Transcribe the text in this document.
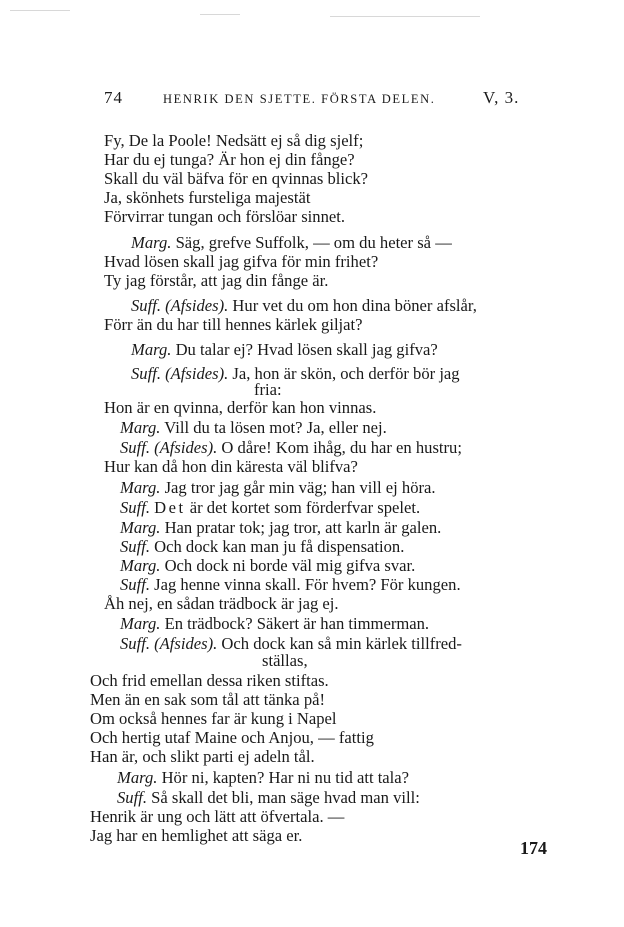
74	HENRIK DEN SJETTE. FÖRSTA DELEN.	V, 3.
Fy, De la Poole! Nedsätt ej så dig sjelf;
Har du ej tunga? Är hon ej din fånge?
Skall du väl bäfva för en qvinnas blick?
Ja, skönhets fursteliga majestät
Förvirrar tungan och förslöar sinnet.
Marg. Säg, grefve Suffolk, — om du heter så —
Hvad lösen skall jag gifva för min frihet?
Ty jag förstår, att jag din fånge är.
Suff. (Afsides). Hur vet du om hon dina böner afslår,
Förr än du har till hennes kärlek giljat?
Marg. Du talar ej? Hvad lösen skall jag gifva?
Suff. (Afsides). Ja, hon är skön, och derför bör jag
fria:
Hon är en qvinna, derför kan hon vinnas.
Marg. Vill du ta lösen mot? Ja, eller nej.
Suff. (Afsides). O dåre! Kom ihåg, du har en hustru;
Hur kan då hon din käresta väl blifva?
Marg. Jag tror jag går min väg; han vill ej höra.
Suff. Det är det kortet som förderfvar spelet.
Marg. Han pratar tok; jag tror, att karln är galen.
Suff. Och dock kan man ju få dispensation.
Marg. Och dock ni borde väl mig gifva svar.
Suff. Jag henne vinna skall. För hvem? För kungen.
Åh nej, en sådan trädbock är jag ej.
Marg. En trädbock? Säkert är han timmerman.
Suff. (Afsides). Och dock kan så min kärlek tillfred-
ställas,
Och frid emellan dessa riken stiftas.
Men än en sak som tål att tänka på!
Om också hennes far är kung i Napel
Och hertig utaf Maine och Anjou, — fattig
Han är, och slikt parti ej adeln tål.
Marg. Hör ni, kapten? Har ni nu tid att tala?
Suff. Så skall det bli, man säge hvad man vill:
Henrik är ung och lätt att öfvertala. —
Jag har en hemlighet att säga er.
174
